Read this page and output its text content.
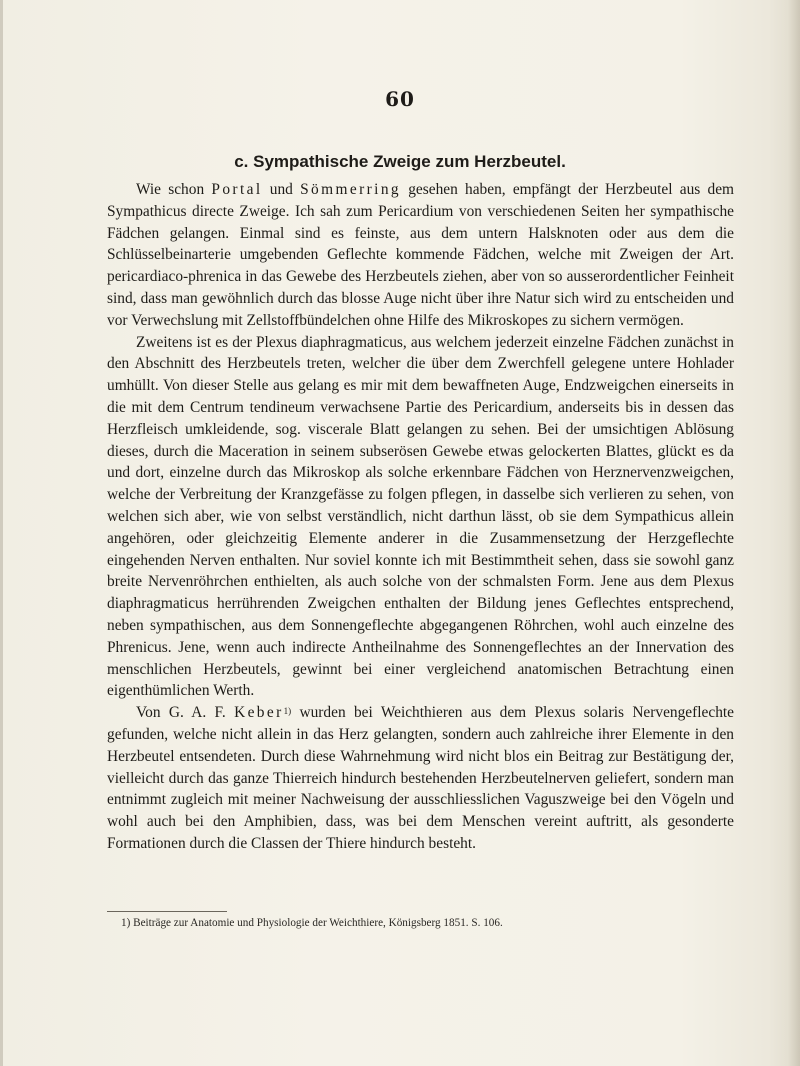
60
c. Sympathische Zweige zum Herzbeutel.

Wie schon Portal und Sömmerring gesehen haben, empfängt der Herzbeutel aus dem Sympathicus directe Zweige. Ich sah zum Pericardium von verschiedenen Seiten her sympathische Fädchen gelangen. Einmal sind es feinste, aus dem untern Halsknoten oder aus dem die Schlüsselbeinarterie umgebenden Geflechte kommende Fädchen, welche mit Zweigen der Art. pericardiaco-phrenica in das Gewebe des Herzbeutels ziehen, aber von so ausserordentlicher Feinheit sind, dass man gewöhnlich durch das blosse Auge nicht über ihre Natur sich wird zu entscheiden und vor Verwechslung mit Zellstoffbündelchen ohne Hilfe des Mikroskopes zu sichern vermögen.

Zweitens ist es der Plexus diaphragmaticus, aus welchem jederzeit einzelne Fädchen zunächst in den Abschnitt des Herzbeutels treten, welcher die über dem Zwerchfell gelegene untere Hohlader umhüllt. Von dieser Stelle aus gelang es mir mit dem bewaffneten Auge, Endzweigchen einerseits in die mit dem Centrum tendineum verwachsene Partie des Pericardium, anderseits bis in dessen das Herzfleisch umkleidende, sog. viscerale Blatt gelangen zu sehen. Bei der umsichtigen Ablösung dieses, durch die Maceration in seinem subserösen Gewebe etwas gelockerten Blattes, glückt es da und dort, einzelne durch das Mikroskop als solche erkennbare Fädchen von Herznervenzweigchen, welche der Verbreitung der Kranzgefässe zu folgen pflegen, in dasselbe sich verlieren zu sehen, von welchen sich aber, wie von selbst verständlich, nicht darthun lässt, ob sie dem Sympathicus allein angehören, oder gleichzeitig Elemente anderer in die Zusammensetzung der Herzgeflechte eingehenden Nerven enthalten. Nur soviel konnte ich mit Bestimmtheit sehen, dass sie sowohl ganz breite Nervenröhrchen enthielten, als auch solche von der schmalsten Form. Jene aus dem Plexus diaphragmaticus herrührenden Zweigchen enthalten der Bildung jenes Geflechtes entsprechend, neben sympathischen, aus dem Sonnengeflechte abgegangenen Röhrchen, wohl auch einzelne des Phrenicus. Jene, wenn auch indirecte Antheilnahme des Sonnengeflechtes an der Innervation des menschlichen Herzbeutels, gewinnt bei einer vergleichend anatomischen Betrachtung einen eigenthümlichen Werth.

Von G. A. F. Keber$^{1)}$ wurden bei Weichthieren aus dem Plexus solaris Nervengeflechte gefunden, welche nicht allein in das Herz gelangten, sondern auch zahlreiche ihrer Elemente in den Herzbeutel entsendeten. Durch diese Wahrnehmung wird nicht blos ein Beitrag zur Bestätigung der, vielleicht durch das ganze Thierreich hindurch bestehenden Herzbeutelnerven geliefert, sondern man entnimmt zugleich mit meiner Nachweisung der ausschliesslichen Vaguszweige bei den Vögeln und wohl auch bei den Amphibien, dass, was bei dem Menschen vereint auftritt, als gesonderte Formationen durch die Classen der Thiere hindurch besteht.

1) Beiträge zur Anatomie und Physiologie der Weichthiere, Königsberg 1851. S. 106.
